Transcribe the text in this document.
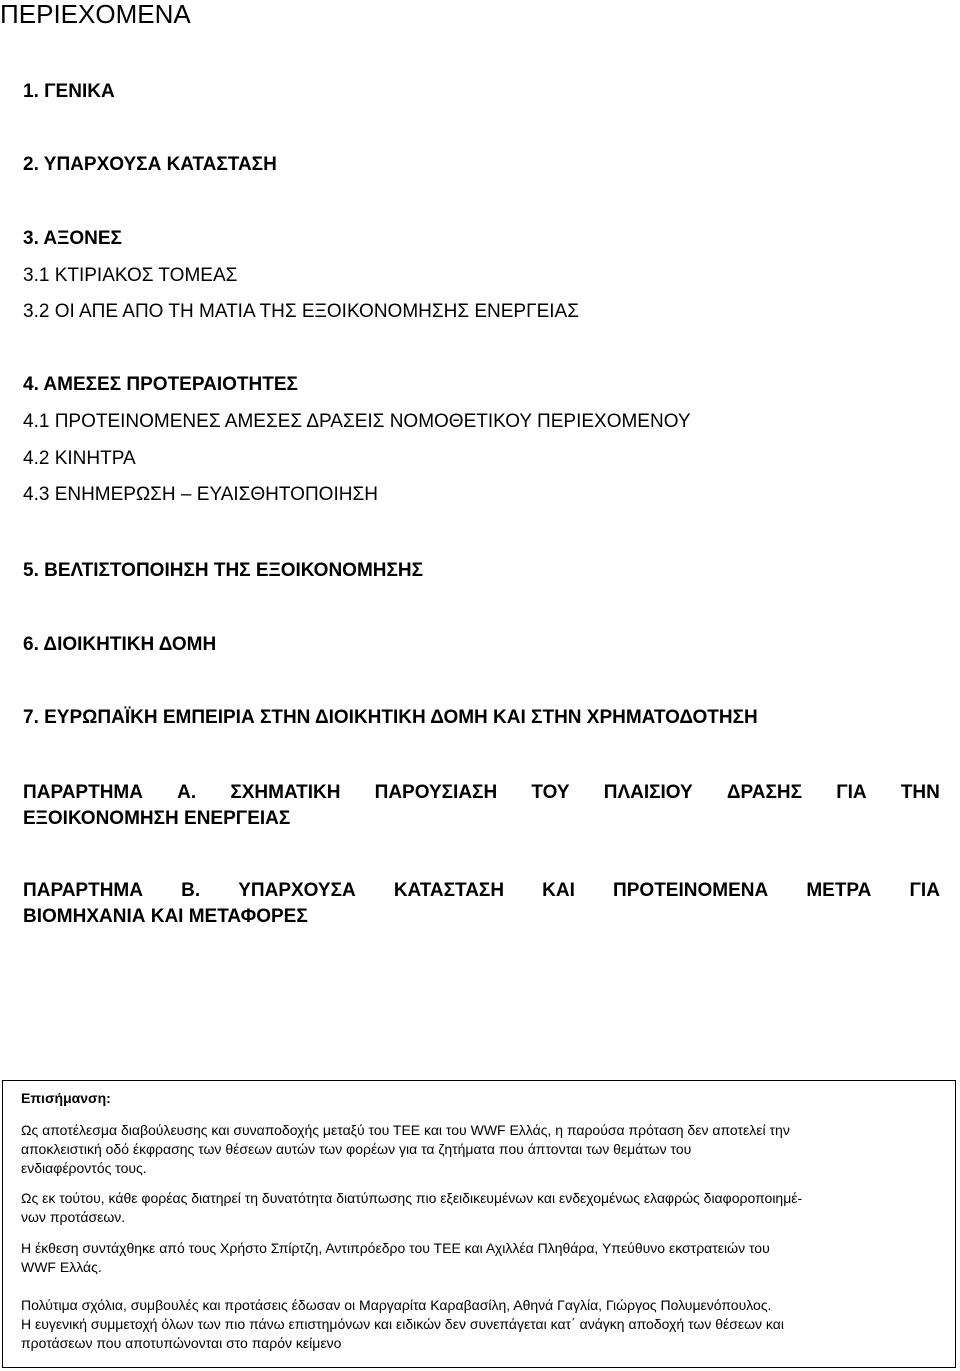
ΠΕΡΙΕΧΟΜΕΝΑ
1. ΓΕΝΙΚΑ
2. ΥΠΑΡΧΟΥΣΑ ΚΑΤΑΣΤΑΣΗ
3. ΑΞΟΝΕΣ
3.1 ΚΤΙΡΙΑΚΟΣ ΤΟΜΕΑΣ
3.2 ΟΙ ΑΠΕ ΑΠΟ ΤΗ ΜΑΤΙΑ ΤΗΣ ΕΞΟΙΚΟΝΟΜΗΣΗΣ ΕΝΕΡΓΕΙΑΣ
4. ΑΜΕΣΕΣ ΠΡΟΤΕΡΑΙΟΤΗΤΕΣ
4.1 ΠΡΟΤΕΙΝΟΜΕΝΕΣ ΑΜΕΣΕΣ ΔΡΑΣΕΙΣ ΝΟΜΟΘΕΤΙΚΟΥ ΠΕΡΙΕΧΟΜΕΝΟΥ
4.2 ΚΙΝΗΤΡΑ
4.3 ΕΝΗΜΕΡΩΣΗ – ΕΥΑΙΣΘΗΤΟΠΟΙΗΣΗ
5. ΒΕΛΤΙΣΤΟΠΟΙΗΣΗ ΤΗΣ ΕΞΟΙΚΟΝΟΜΗΣΗΣ
6. ΔΙΟΙΚΗΤΙΚΗ ΔΟΜΗ
7. ΕΥΡΩΠΑΪΚΗ ΕΜΠΕΙΡΙΑ ΣΤΗΝ ΔΙΟΙΚΗΤΙΚΗ ΔΟΜΗ ΚΑΙ ΣΤΗΝ ΧΡΗΜΑΤΟΔΟΤΗΣΗ
ΠΑΡΑΡΤΗΜΑ Α. ΣΧΗΜΑΤΙΚΗ ΠΑΡΟΥΣΙΑΣΗ ΤΟΥ ΠΛΑΙΣΙΟΥ ΔΡΑΣΗΣ ΓΙΑ ΤΗΝ
ΕΞΟΙΚΟΝΟΜΗΣΗ ΕΝΕΡΓΕΙΑΣ
ΠΑΡΑΡΤΗΜΑ Β. ΥΠΑΡΧΟΥΣΑ ΚΑΤΑΣΤΑΣΗ ΚΑΙ ΠΡΟΤΕΙΝΟΜΕΝΑ ΜΕΤΡΑ ΓΙΑ
ΒΙΟΜΗΧΑΝΙΑ ΚΑΙ ΜΕΤΑΦΟΡΕΣ
Επισήμανση:
Ως αποτέλεσμα διαβούλευσης και συναποδοχής μεταξύ του ΤΕΕ και του WWF Ελλάς, η παρούσα πρόταση δεν αποτελεί την
αποκλειστική οδό έκφρασης των θέσεων αυτών των φορέων για τα ζητήματα που άπτονται των θεμάτων του
ενδιαφέροντός τους.
Ως εκ τούτου, κάθε φορέας διατηρεί τη δυνατότητα διατύπωσης πιο εξειδικευμένων και ενδεχομένως ελαφρώς διαφοροποιημέ-
νων προτάσεων.
Η έκθεση συντάχθηκε από τους Χρήστο Σπίρτζη, Αντιπρόεδρο του ΤΕΕ και Αχιλλέα Πληθάρα, Υπεύθυνο εκστρατειών του
WWF Ελλάς.
Πολύτιμα σχόλια, συμβουλές και προτάσεις έδωσαν οι Μαργαρίτα Καραβασίλη, Αθηνά Γαγλία, Γιώργος Πολυμενόπουλος.
Η ευγενική συμμετοχή όλων των πιο πάνω επιστημόνων και ειδικών δεν συνεπάγεται κατ΄ ανάγκη αποδοχή των θέσεων και
προτάσεων που αποτυπώνονται στο παρόν κείμενο
